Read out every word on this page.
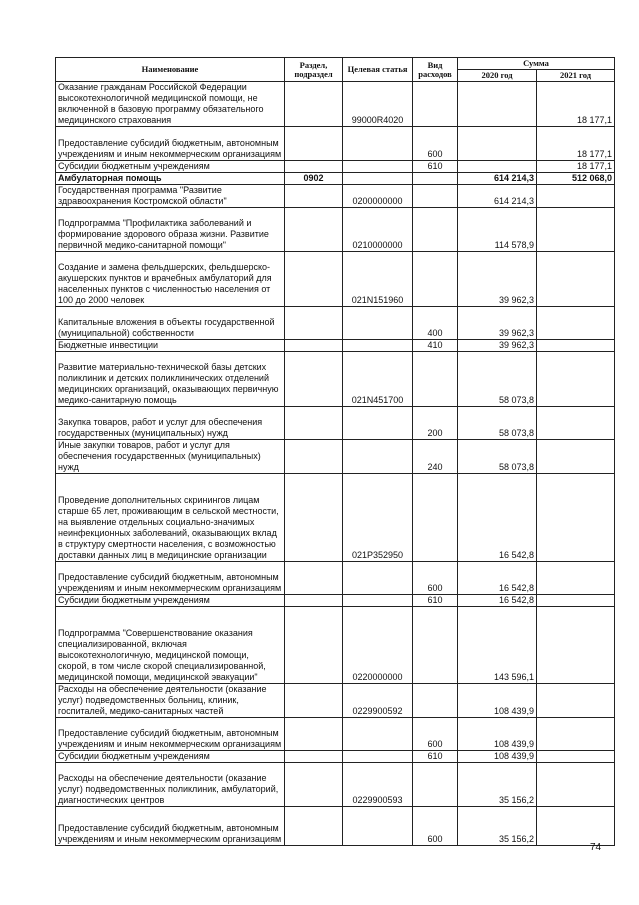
Наименование	Раздел, подраздел	Целевая статья	Вид расходов	Сумма	
				2020 год	2021 год
Оказание гражданам Российской Федерации высокотехнологичной медицинской помощи, не включенной в базовую программу обязательного медицинского страхования		99000R4020			18 177,1
Предоставление субсидий бюджетным, автономным учреждениям и иным некоммерческим организациям			600		18 177,1
Субсидии бюджетным учреждениям			610		18 177,1
Амбулаторная помощь	0902			614 214,3	512 068,0
Государственная программа "Развитие здравоохранения Костромской области"		0200000000		614 214,3	
Подпрограмма "Профилактика заболеваний и формирование здорового образа жизни. Развитие первичной медико-санитарной помощи"		0210000000		114 578,9	
Создание и замена фельдшерских, фельдшерско-акушерских пунктов и врачебных амбулаторий для населенных пунктов с численностью населения от 100 до 2000 человек		021N151960		39 962,3	
Капитальные вложения в объекты государственной (муниципальной) собственности			400	39 962,3	
Бюджетные инвестиции			410	39 962,3	
Развитие материально-технической базы детских поликлиник и детских поликлинических отделений медицинских организаций, оказывающих первичную медико-санитарную помощь		021N451700		58 073,8	
Закупка товаров, работ и услуг для обеспечения государственных (муниципальных) нужд			200	58 073,8	
Иные закупки товаров, работ и услуг для обеспечения государственных (муниципальных) нужд			240	58 073,8	
Проведение дополнительных скринингов лицам старше 65 лет, проживающим в сельской местности, на выявление отдельных социально-значимых неинфекционных заболеваний, оказывающих вклад в структуру смертности населения, с возможностью доставки данных лиц в медицинские организации		021P352950		16 542,8	
Предоставление субсидий бюджетным, автономным учреждениям и иным некоммерческим организациям			600	16 542,8	
Субсидии бюджетным учреждениям			610	16 542,8	
Подпрограмма "Совершенствование оказания специализированной, включая высокотехнологичную, медицинской помощи, скорой, в том числе скорой специализированной, медицинской помощи, медицинской эвакуации"		0220000000		143 596,1	
Расходы на обеспечение деятельности (оказание услуг) подведомственных больниц, клиник, госпиталей, медико-санитарных частей		0229900592		108 439,9	
Предоставление субсидий бюджетным, автономным учреждениям и иным некоммерческим организациям			600	108 439,9	
Субсидии бюджетным учреждениям			610	108 439,9	
Расходы на обеспечение деятельности (оказание услуг) подведомственных поликлиник, амбулаторий, диагностических центров		0229900593		35 156,2	
Предоставление субсидий бюджетным, автономным учреждениям и иным некоммерческим организациям			600	35 156,2	
74
